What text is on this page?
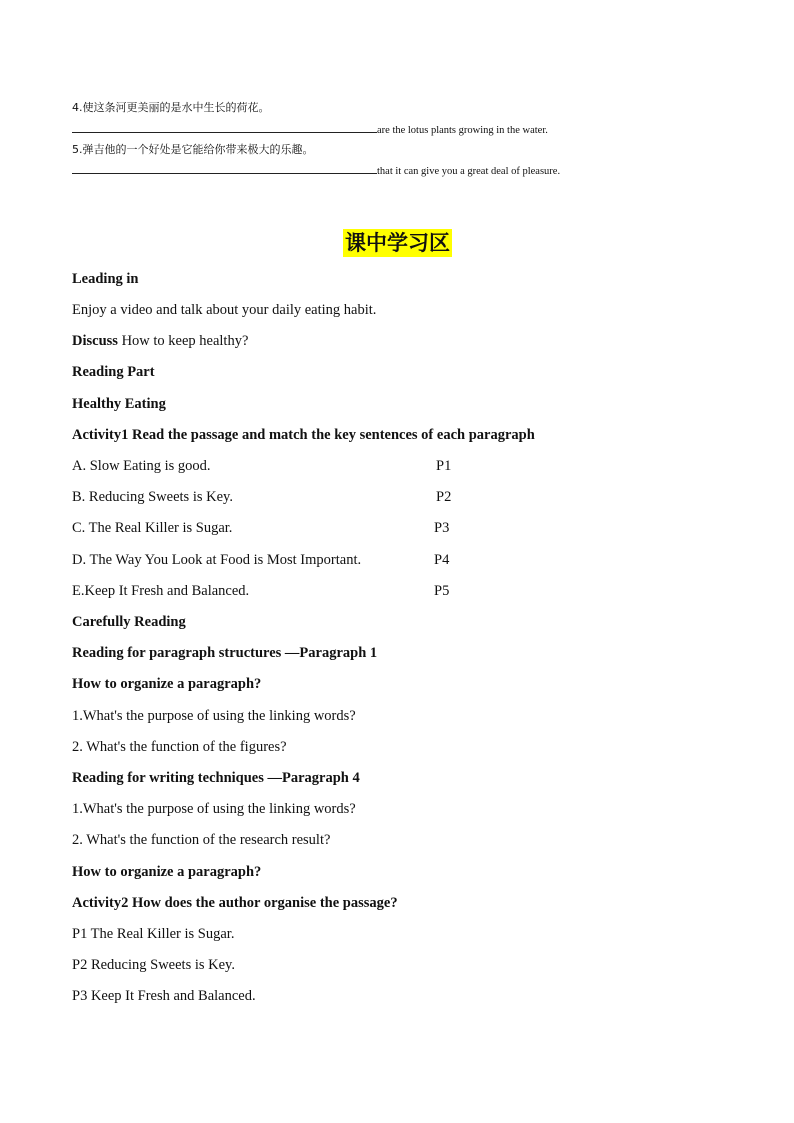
4.使这条河更美丽的是水中生长的荷花。
are the lotus plants growing in the water.
5.弹吉他的一个好处是它能给你带来极大的乐趣。
that it can give you a great deal of pleasure.
课中学习区
Leading in
Enjoy a video and talk about your daily eating habit.
Discuss How to keep healthy?
Reading Part
Healthy Eating
Activity1 Read the passage and match the key sentences of each paragraph
A. Slow Eating is good.	P1
B. Reducing Sweets is Key.	P2
C. The Real Killer is Sugar.	P3
D. The Way You Look at Food is Most Important.	P4
E.Keep It Fresh and Balanced.	P5
Carefully Reading
Reading for paragraph structures —Paragraph 1
How to organize a paragraph?
1.What's the purpose of using the linking words?
2. What's the function of the figures?
Reading for writing techniques —Paragraph 4
1.What's the purpose of using the linking words?
2. What's the function of the research result?
How to organize a paragraph?
Activity2 How does the author organise the passage?
P1 The Real Killer is Sugar.
P2 Reducing Sweets is Key.
P3 Keep It Fresh and Balanced.
